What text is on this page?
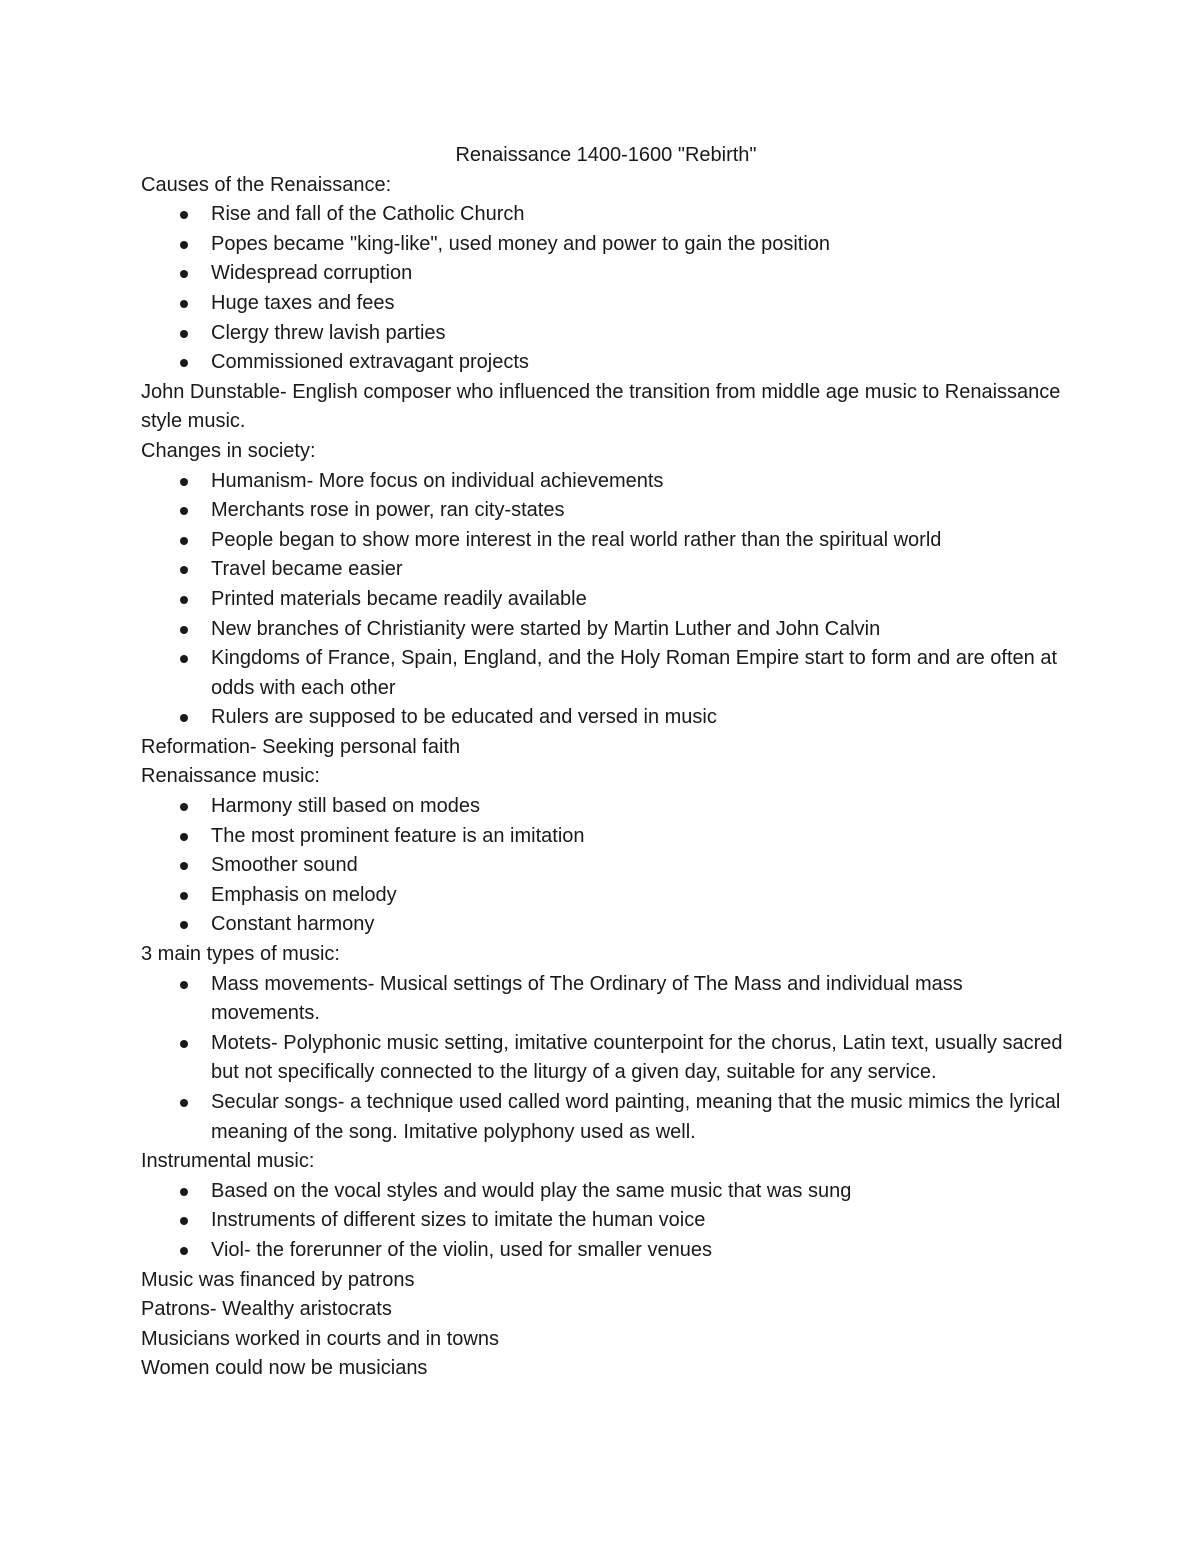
Renaissance 1400-1600 "Rebirth"

Causes of the Renaissance:

Rise and fall of the Catholic Church
Popes became "king-like", used money and power to gain the position
Widespread corruption
Huge taxes and fees
Clergy threw lavish parties
Commissioned extravagant projects

John Dunstable- English composer who influenced the transition from middle age music to Renaissance style music.

Changes in society:

Humanism- More focus on individual achievements
Merchants rose in power, ran city-states
People began to show more interest in the real world rather than the spiritual world
Travel became easier
Printed materials became readily available
New branches of Christianity were started by Martin Luther and John Calvin
Kingdoms of France, Spain, England, and the Holy Roman Empire start to form and are often at odds with each other
Rulers are supposed to be educated and versed in music

Reformation- Seeking personal faith

Renaissance music:

Harmony still based on modes
The most prominent feature is an imitation
Smoother sound
Emphasis on melody
Constant harmony

3 main types of music:

Mass movements- Musical settings of The Ordinary of The Mass and individual mass movements.
Motets- Polyphonic music setting, imitative counterpoint for the chorus, Latin text, usually sacred but not specifically connected to the liturgy of a given day, suitable for any service.
Secular songs- a technique used called word painting, meaning that the music mimics the lyrical meaning of the song. Imitative polyphony used as well.

Instrumental music:

Based on the vocal styles and would play the same music that was sung
Instruments of different sizes to imitate the human voice
Viol- the forerunner of the violin, used for smaller venues

Music was financed by patrons

Patrons- Wealthy aristocrats

Musicians worked in courts and in towns

Women could now be musicians
